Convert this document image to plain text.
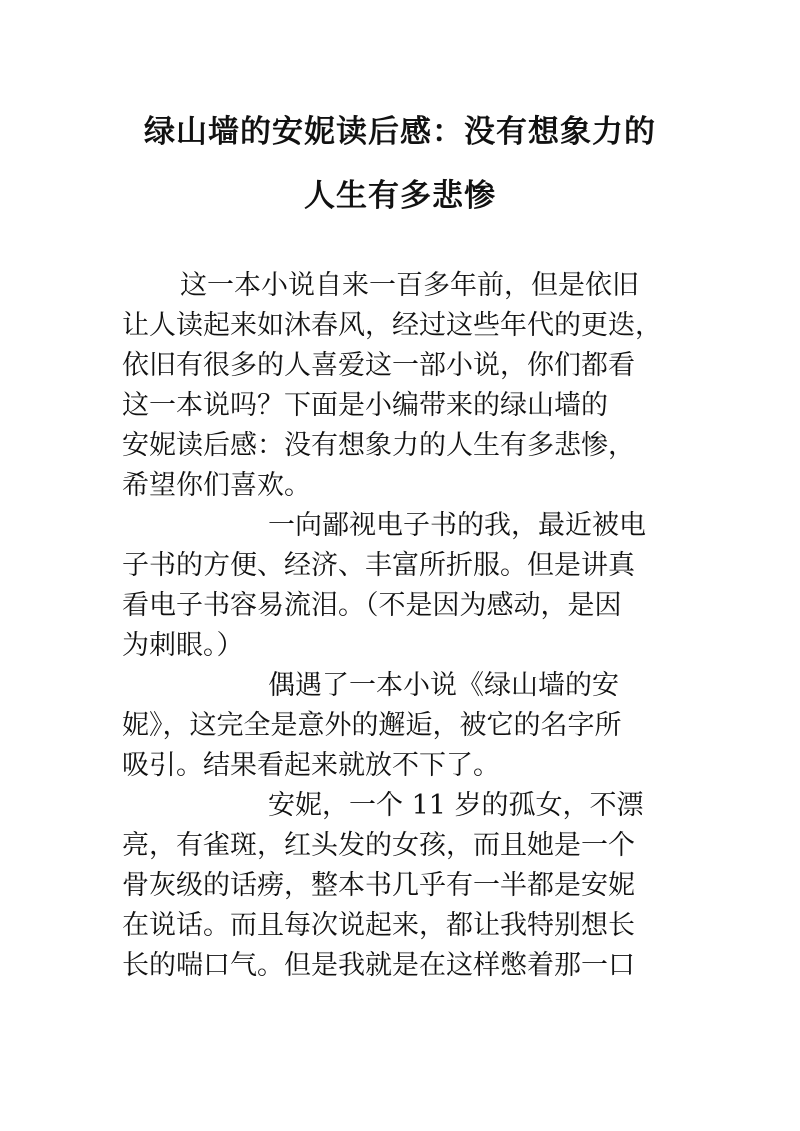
绿山墙的安妮读后感：没有想象力的
人生有多悲惨

这一本小说自来一百多年前，但是依旧
让人读起来如沐春风，经过这些年代的更迭，
依旧有很多的人喜爱这一部小说，你们都看
这一本说吗？下面是小编带来的绿山墙的
安妮读后感：没有想象力的人生有多悲惨，
希望你们喜欢。

一向鄙视电子书的我，最近被电
子书的方便、经济、丰富所折服。但是讲真
看电子书容易流泪。（不是因为感动，是因
为刺眼。）

偶遇了一本小说《绿山墙的安
妮》，这完全是意外的邂逅，被它的名字所
吸引。结果看起来就放不下了。

安妮，一个 11 岁的孤女，不漂
亮，有雀斑，红头发的女孩，而且她是一个
骨灰级的话痨，整本书几乎有一半都是安妮
在说话。而且每次说起来，都让我特别想长
长的喘口气。但是我就是在这样憋着那一口
